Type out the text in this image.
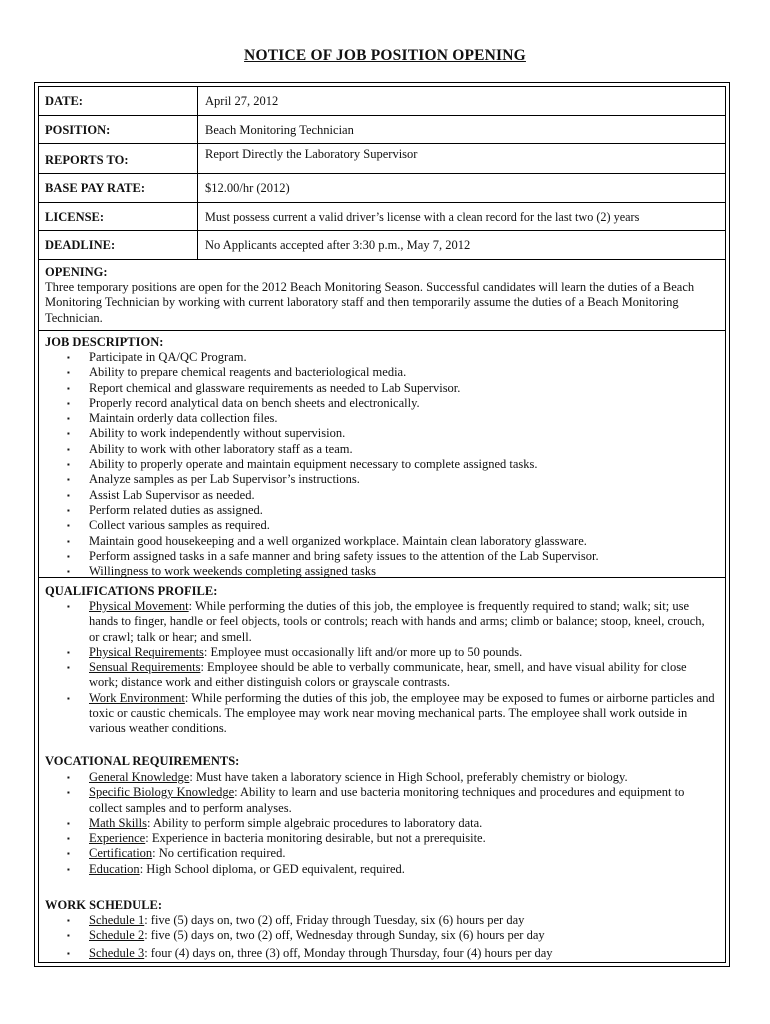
NOTICE OF JOB POSITION OPENING
DATE:	April 27, 2012
POSITION:	Beach Monitoring Technician
REPORTS TO:	Report Directly the Laboratory Supervisor
BASE PAY RATE:	$12.00/hr (2012)
LICENSE:	Must possess current a valid driver’s license with a clean record for the last two (2) years
DEADLINE:	No Applicants accepted after 3:30 p.m., May 7, 2012
OPENING:
Three temporary positions are open for the 2012 Beach Monitoring Season. Successful candidates will learn the duties of a Beach Monitoring Technician by working with current laboratory staff and then temporarily assume the duties of a Beach Monitoring Technician.
JOB DESCRIPTION:
▪ Participate in QA/QC Program.
▪ Ability to prepare chemical reagents and bacteriological media.
▪ Report chemical and glassware requirements as needed to Lab Supervisor.
▪ Properly record analytical data on bench sheets and electronically.
▪ Maintain orderly data collection files.
▪ Ability to work independently without supervision.
▪ Ability to work with other laboratory staff as a team.
▪ Ability to properly operate and maintain equipment necessary to complete assigned tasks.
▪ Analyze samples as per Lab Supervisor’s instructions.
▪ Assist Lab Supervisor as needed.
▪ Perform related duties as assigned.
▪ Collect various samples as required.
▪ Maintain good housekeeping and a well organized workplace. Maintain clean laboratory glassware.
▪ Perform assigned tasks in a safe manner and bring safety issues to the attention of the Lab Supervisor.
▪ Willingness to work weekends completing assigned tasks
QUALIFICATIONS PROFILE:
▪ Physical Movement: While performing the duties of this job, the employee is frequently required to stand; walk; sit; use hands to finger, handle or feel objects, tools or controls; reach with hands and arms; climb or balance; stoop, kneel, crouch, or crawl; talk or hear; and smell.
▪ Physical Requirements: Employee must occasionally lift and/or more up to 50 pounds.
▪ Sensual Requirements: Employee should be able to verbally communicate, hear, smell, and have visual ability for close work; distance work and either distinguish colors or grayscale contrasts.
▪ Work Environment: While performing the duties of this job, the employee may be exposed to fumes or airborne particles and toxic or caustic chemicals. The employee may work near moving mechanical parts. The employee shall work outside in various weather conditions.
VOCATIONAL REQUIREMENTS:
▪ General Knowledge: Must have taken a laboratory science in High School, preferably chemistry or biology.
▪ Specific Biology Knowledge: Ability to learn and use bacteria monitoring techniques and procedures and equipment to collect samples and to perform analyses.
▪ Math Skills: Ability to perform simple algebraic procedures to laboratory data.
▪ Experience: Experience in bacteria monitoring desirable, but not a prerequisite.
▪ Certification: No certification required.
▪ Education: High School diploma, or GED equivalent, required.
WORK SCHEDULE:
▪ Schedule 1: five (5) days on, two (2) off, Friday through Tuesday, six (6) hours per day
▪ Schedule 2: five (5) days on, two (2) off, Wednesday through Sunday, six (6) hours per day
▪ Schedule 3: four (4) days on, three (3) off, Monday through Thursday, four (4) hours per day
